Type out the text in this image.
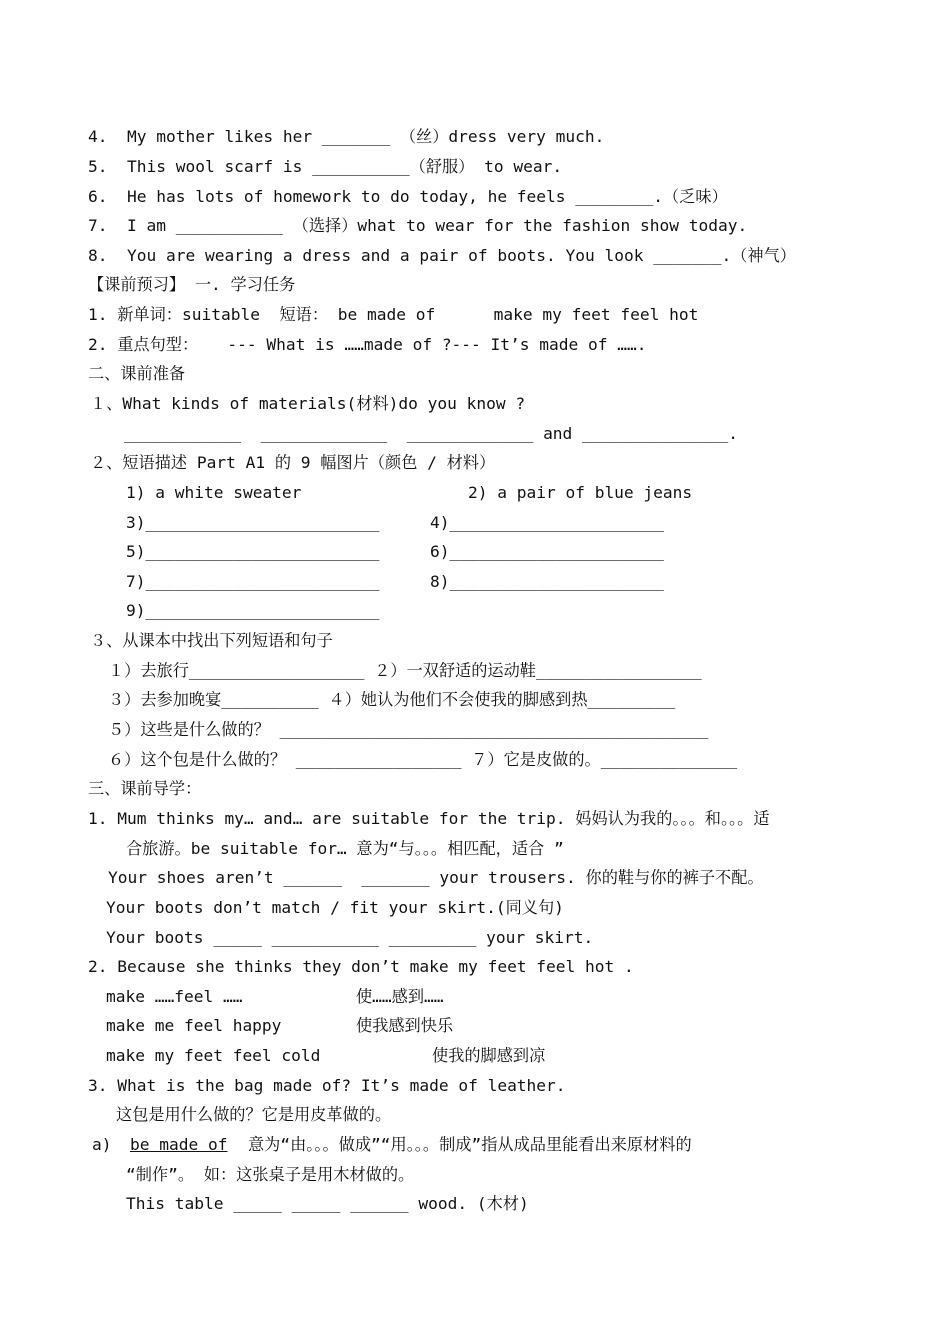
4.  My mother likes her _______ （丝）dress very much.
5.  This wool scarf is __________（舒服） to wear.
6.  He has lots of homework to do today, he feels ________.（乏味）
7.  I am ___________ （选择）what to wear for the fashion show today.
8.  You are wearing a dress and a pair of boots. You look _______.（神气）
【课前预习】 一. 学习任务
1. 新单词：suitable  短语： be made of      make my feet feel hot
2. 重点句型：   --- What is ……made of ?--- It’s made of …….
二、课前准备
１、What kinds of materials(材料)do you know ?
____________  _____________  _____________ and _______________.
２、短语描述 Part A1 的 9 幅图片（颜色 / 材料）
1) a white sweater	2) a pair of blue jeans
3)________________________	4)______________________
5)________________________	6)______________________
7)________________________	8)______________________
9)________________________
３、从课本中找出下列短语和句子
１）去旅行__________________ ２）一双舒适的运动鞋_________________
３）去参加晚宴__________ ４）她认为他们不会使我的脚感到热_________
５）这些是什么做的？ ____________________________________________
６）这个包是什么做的？ _________________ ７）它是皮做的。______________
三、课前导学：
1. Mum thinks my… and… are suitable for the trip. 妈妈认为我的。。。和。。。适
合旅游。be suitable for… 意为“与。。。相匹配，适合 ”
Your shoes aren’t ______  _______ your trousers. 你的鞋与你的裤子不配。
Your boots don’t match / fit your skirt.(同义句)
Your boots _____ ___________ _________ your skirt.
2. Because she thinks they don’t make my feet feel hot .
make ……feel ……	使……感到……
make me feel happy	使我感到快乐
make my feet feel cold	使我的脚感到凉
3. What is the bag made of? It’s made of leather.
这包是用什么做的？它是用皮革做的。
a) be made of 意为“由。。。做成”“用。。。制成”指从成品里能看出来原材料的
“制作”。 如：这张桌子是用木材做的。
This table _____ _____ ______ wood. (木材)
